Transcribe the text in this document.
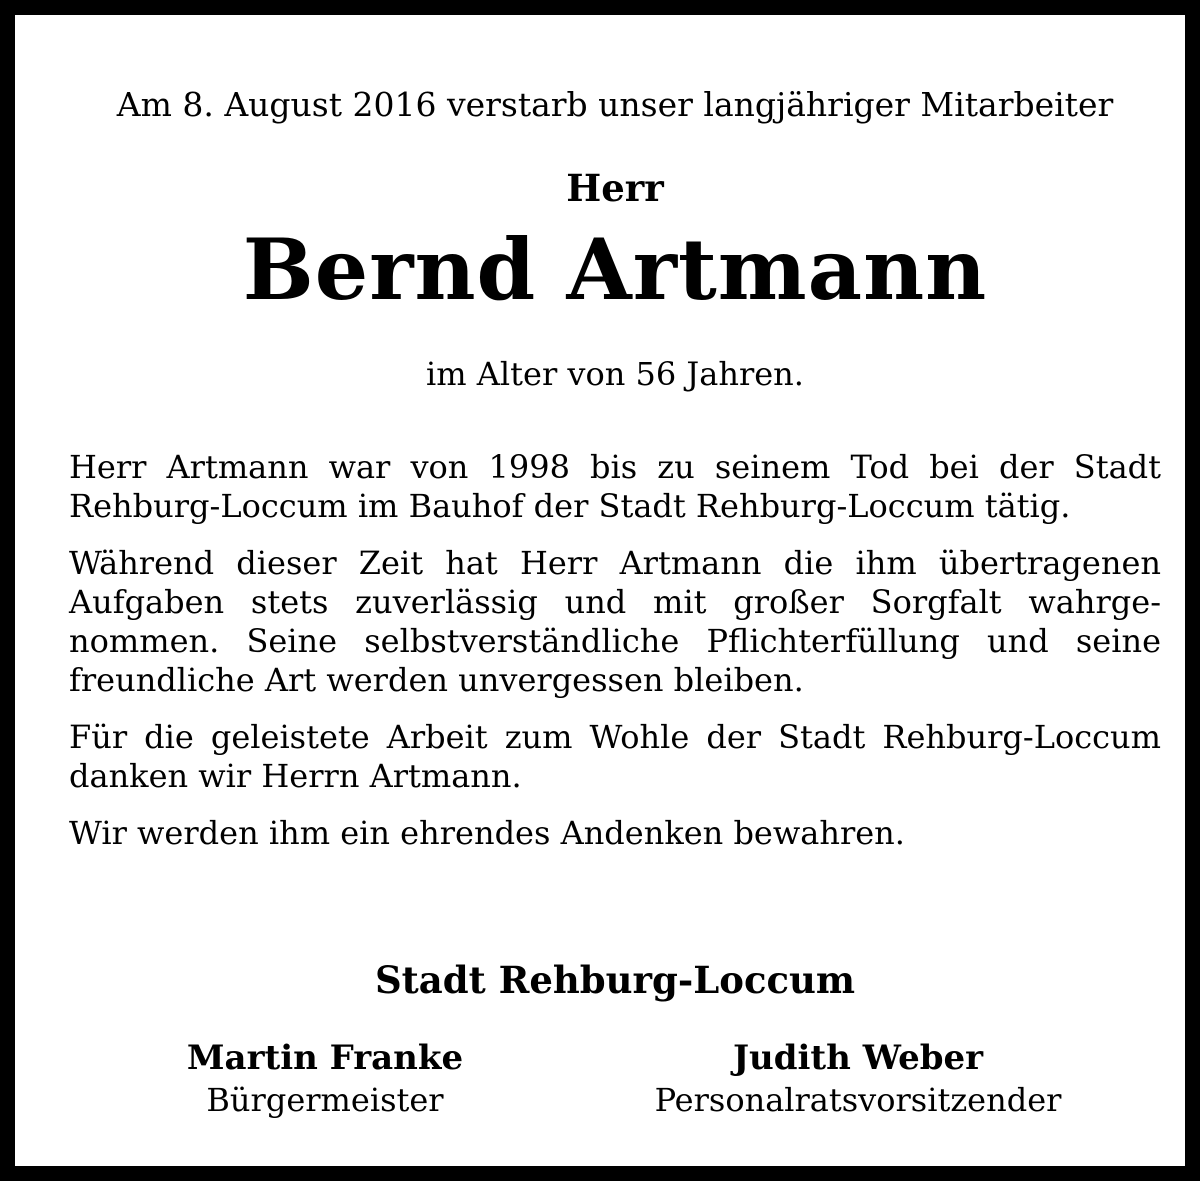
Am 8. August 2016 verstarb unser langjähriger Mitarbeiter
Herr
Bernd Artmann
im Alter von 56 Jahren.

Herr Artmann war von 1998 bis zu seinem Tod bei der Stadt
Rehburg-Loccum im Bauhof der Stadt Rehburg-Loccum tätig.

Während dieser Zeit hat Herr Artmann die ihm übertragenen
Aufgaben stets zuverlässig und mit großer Sorgfalt wahrge-
nommen. Seine selbstverständliche Pflichterfüllung und seine
freundliche Art werden unvergessen bleiben.

Für die geleistete Arbeit zum Wohle der Stadt Rehburg-Loccum
danken wir Herrn Artmann.

Wir werden ihm ein ehrendes Andenken bewahren.

Stadt Rehburg-Loccum
Martin Franke
Bürgermeister
Judith Weber
Personalratsvorsitzender
